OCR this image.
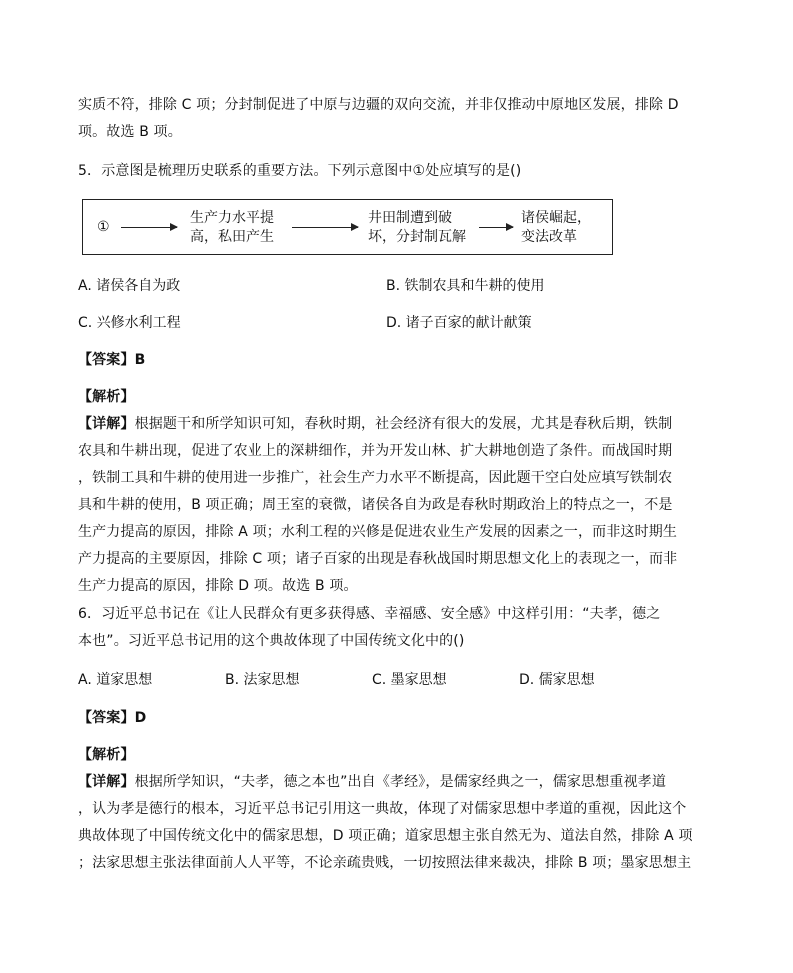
实质不符，排除 C 项；分封制促进了中原与边疆的双向交流，并非仅推动中原地区发展，排除 D
项。故选 B 项。
5．示意图是梳理历史联系的重要方法。下列示意图中①处应填写的是()
①
生产力水平提
高，私田产生
井田制遭到破
坏，分封制瓦解
诸侯崛起，
变法改革
A. 诸侯各自为政	B. 铁制农具和牛耕的使用
C. 兴修水利工程	D. 诸子百家的献计献策
【答案】B
【解析】
【详解】根据题干和所学知识可知，春秋时期，社会经济有很大的发展，尤其是春秋后期，铁制
农具和牛耕出现，促进了农业上的深耕细作，并为开发山林、扩大耕地创造了条件。而战国时期
，铁制工具和牛耕的使用进一步推广，社会生产力水平不断提高，因此题干空白处应填写铁制农
具和牛耕的使用，B 项正确；周王室的衰微，诸侯各自为政是春秋时期政治上的特点之一，不是
生产力提高的原因，排除 A 项；水利工程的兴修是促进农业生产发展的因素之一，而非这时期生
产力提高的主要原因，排除 C 项；诸子百家的出现是春秋战国时期思想文化上的表现之一，而非
生产力提高的原因，排除 D 项。故选 B 项。
6．习近平总书记在《让人民群众有更多获得感、幸福感、安全感》中这样引用：“夫孝，德之
本也”。习近平总书记用的这个典故体现了中国传统文化中的()
A. 道家思想	B. 法家思想	C. 墨家思想	D. 儒家思想
【答案】D
【解析】
【详解】根据所学知识，“夫孝，德之本也”出自《孝经》，是儒家经典之一，儒家思想重视孝道
，认为孝是德行的根本，习近平总书记引用这一典故，体现了对儒家思想中孝道的重视，因此这个
典故体现了中国传统文化中的儒家思想，D 项正确；道家思想主张自然无为、道法自然，排除 A 项
；法家思想主张法律面前人人平等，不论亲疏贵贱，一切按照法律来裁决，排除 B 项；墨家思想主
